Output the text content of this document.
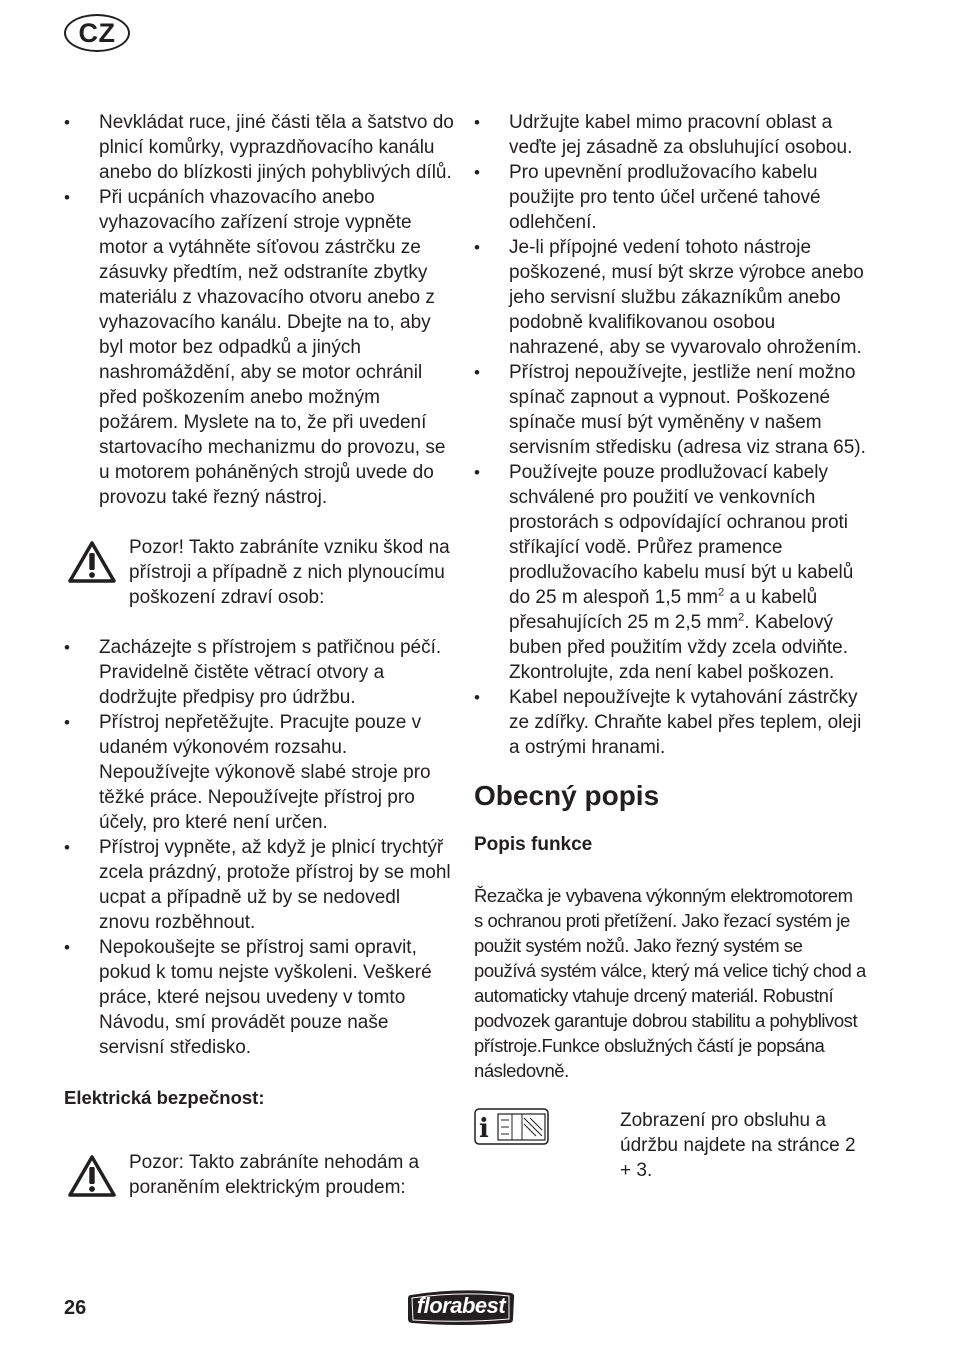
CZ
• Nevkládat ruce, jiné části těla a šatstvo do plnicí komůrky, vyprazdňovacího kanálu anebo do blízkosti jiných pohyblivých dílů.
• Při ucpáních vhazovacího anebo vyhazovacího zařízení stroje vypněte motor a vytáhněte síťovou zástrčku ze zásuvky předtím, než odstraníte zbytky materiálu z vhazovacího otvoru anebo z vyhazovacího kanálu. Dbejte na to, aby byl motor bez odpadků a jiných nashromáždění, aby se motor ochránil před poškozením anebo možným požárem. Myslete na to, že při uvedení startovacího mechanizmu do provozu, se u motorem poháněných strojů uvede do provozu také řezný nástroj.
Pozor! Takto zabráníte vzniku škod na přístroji a případně z nich plynoucímu poškození zdraví osob:
• Zacházejte s přístrojem s patřičnou péčí. Pravidelně čistěte větrací otvory a dodržujte předpisy pro údržbu.
• Přístroj nepřetěžujte. Pracujte pouze v udaném výkonovém rozsahu. Nepoužívejte výkonově slabé stroje pro těžké práce. Nepoužívejte přístroj pro účely, pro které není určen.
• Přístroj vypněte, až když je plnicí trychtýř zcela prázdný, protože přístroj by se mohl ucpat a případně už by se nedovedl znovu rozběhnout.
• Nepokoušejte se přístroj sami opravit, pokud k tomu nejste vyškoleni. Veškeré práce, které nejsou uvedeny v tomto Návodu, smí provádět pouze naše servisní středisko.
Elektrická bezpečnost:
Pozor: Takto zabráníte nehodám a poraněním elektrickým proudem:
• Udržujte kabel mimo pracovní oblast a veďte jej zásadně za obsluhující osobou.
• Pro upevnění prodlužovacího kabelu použijte pro tento účel určené tahové odlehčení.
• Je-li přípojné vedení tohoto nástroje poškozené, musí být skrze výrobce anebo jeho servisní službu zákazníkům anebo podobně kvalifikovanou osobou nahrazené, aby se vyvarovalo ohrožením.
• Přístroj nepoužívejte, jestliže není možno spínač zapnout a vypnout. Poškozené spínače musí být vyměněny v našem servisním středisku (adresa viz strana 65).
• Používejte pouze prodlužovací kabely schválené pro použití ve venkovních prostorách s odpovídající ochranou proti stříkající vodě. Průřez pramence prodlužovacího kabelu musí být u kabelů do 25 m alespoň 1,5 $mm^2$ a u kabelů přesahujících 25 m 2,5 $mm^2$. Kabelový buben před použitím vždy zcela odviňte. Zkontrolujte, zda není kabel poškozen.
• Kabel nepoužívejte k vytahování zástrčky ze zdířky. Chraňte kabel přes teplem, oleji a ostrými hranami.
Obecný popis
Popis funkce

Řezačka je vybavena výkonným elektromotorem s ochranou proti přetížení. Jako řezací systém je použit systém nožů. Jako řezný systém se používá systém válce, který má velice tichý chod a automaticky vtahuje drcený materiál. Robustní podvozek garantuje dobrou stabilitu a pohyblivost přístroje.Funkce obslužných částí je popsána následovně.

i	Zobrazení pro obsluhu a údržbu najdete na stránce 2 + 3.
26	florabest
